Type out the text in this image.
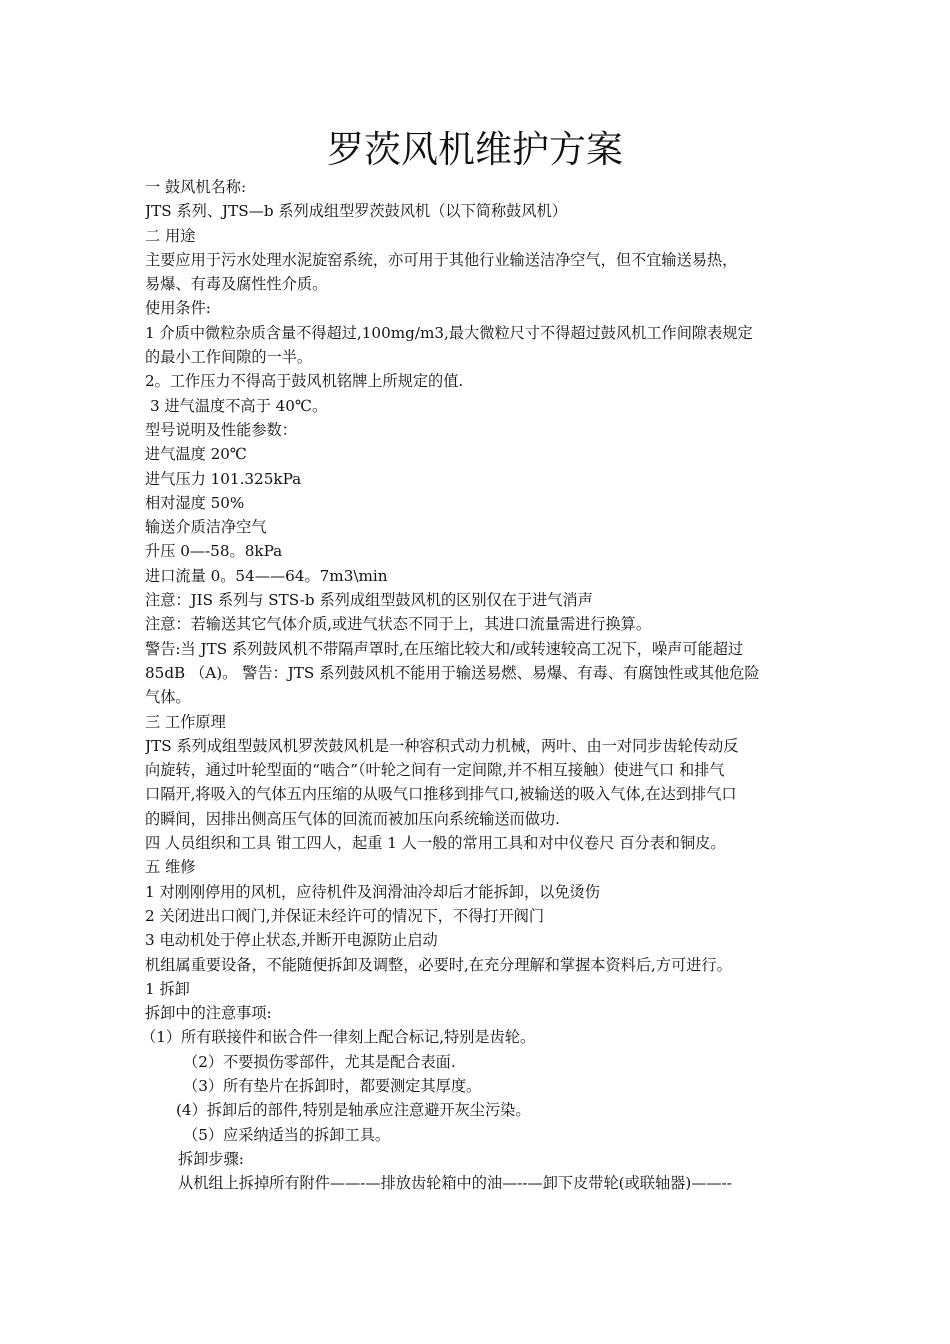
罗茨风机维护方案
一 鼓风机名称:
JTS 系列、JTS—b 系列成组型罗茨鼓风机（以下简称鼓风机）
二 用途
主要应用于污水处理水泥旋窑系统，亦可用于其他行业输送洁净空气，但不宜输送易热，
易爆、有毒及腐性性介质。
使用条件:
1 介质中微粒杂质含量不得超过,100mg/m3,最大微粒尺寸不得超过鼓风机工作间隙表规定
的最小工作间隙的一半。
2。工作压力不得高于鼓风机铭牌上所规定的值.
3 进气温度不高于 40℃。
型号说明及性能参数：
进气温度 20℃
进气压力 101.325kPa
相对湿度 50%
输送介质洁净空气
升压 0—-58。8kPa
进口流量 0。54——64。7m3\min
注意：JIS 系列与 STS-b 系列成组型鼓风机的区别仅在于进气消声
注意：若输送其它气体介质,或进气状态不同于上，其进口流量需进行换算。
警告:当 JTS 系列鼓风机不带隔声罩时,在压缩比较大和/或转速较高工况下，噪声可能超过
85dB （A)。 警告：JTS 系列鼓风机不能用于输送易燃、易爆、有毒、有腐蚀性或其他危险
气体。
三 工作原理
JTS 系列成组型鼓风机罗茨鼓风机是一种容积式动力机械，两叶、由一对同步齿轮传动反
向旋转，通过叶轮型面的“啮合”（叶轮之间有一定间隙,并不相互接触）使进气口 和排气
口隔开,将吸入的气体五内压缩的从吸气口推移到排气口,被输送的吸入气体,在达到排气口
的瞬间，因排出侧高压气体的回流而被加压向系统输送而做功.
四 人员组织和工具 钳工四人，起重 1 人一般的常用工具和对中仪卷尺 百分表和铜皮。
五 维修
1 对刚刚停用的风机，应待机件及润滑油冷却后才能拆卸，以免烫伤
2 关闭进出口阀门,并保证未经许可的情况下，不得打开阀门
3 电动机处于停止状态,并断开电源防止启动
机组属重要设备，不能随便拆卸及调整，必要时,在充分理解和掌握本资料后,方可进行。
1 拆卸
拆卸中的注意事项:
（1）所有联接件和嵌合件一律刻上配合标记,特别是齿轮。
（2）不要损伤零部件，尤其是配合表面.
（3）所有垫片在拆卸时，都要测定其厚度。
(4）拆卸后的部件,特别是轴承应注意避开灰尘污染。
（5）应采纳适当的拆卸工具。
拆卸步骤:
从机组上拆掉所有附件——-—排放齿轮箱中的油—--—卸下皮带轮(或联轴器)——--
